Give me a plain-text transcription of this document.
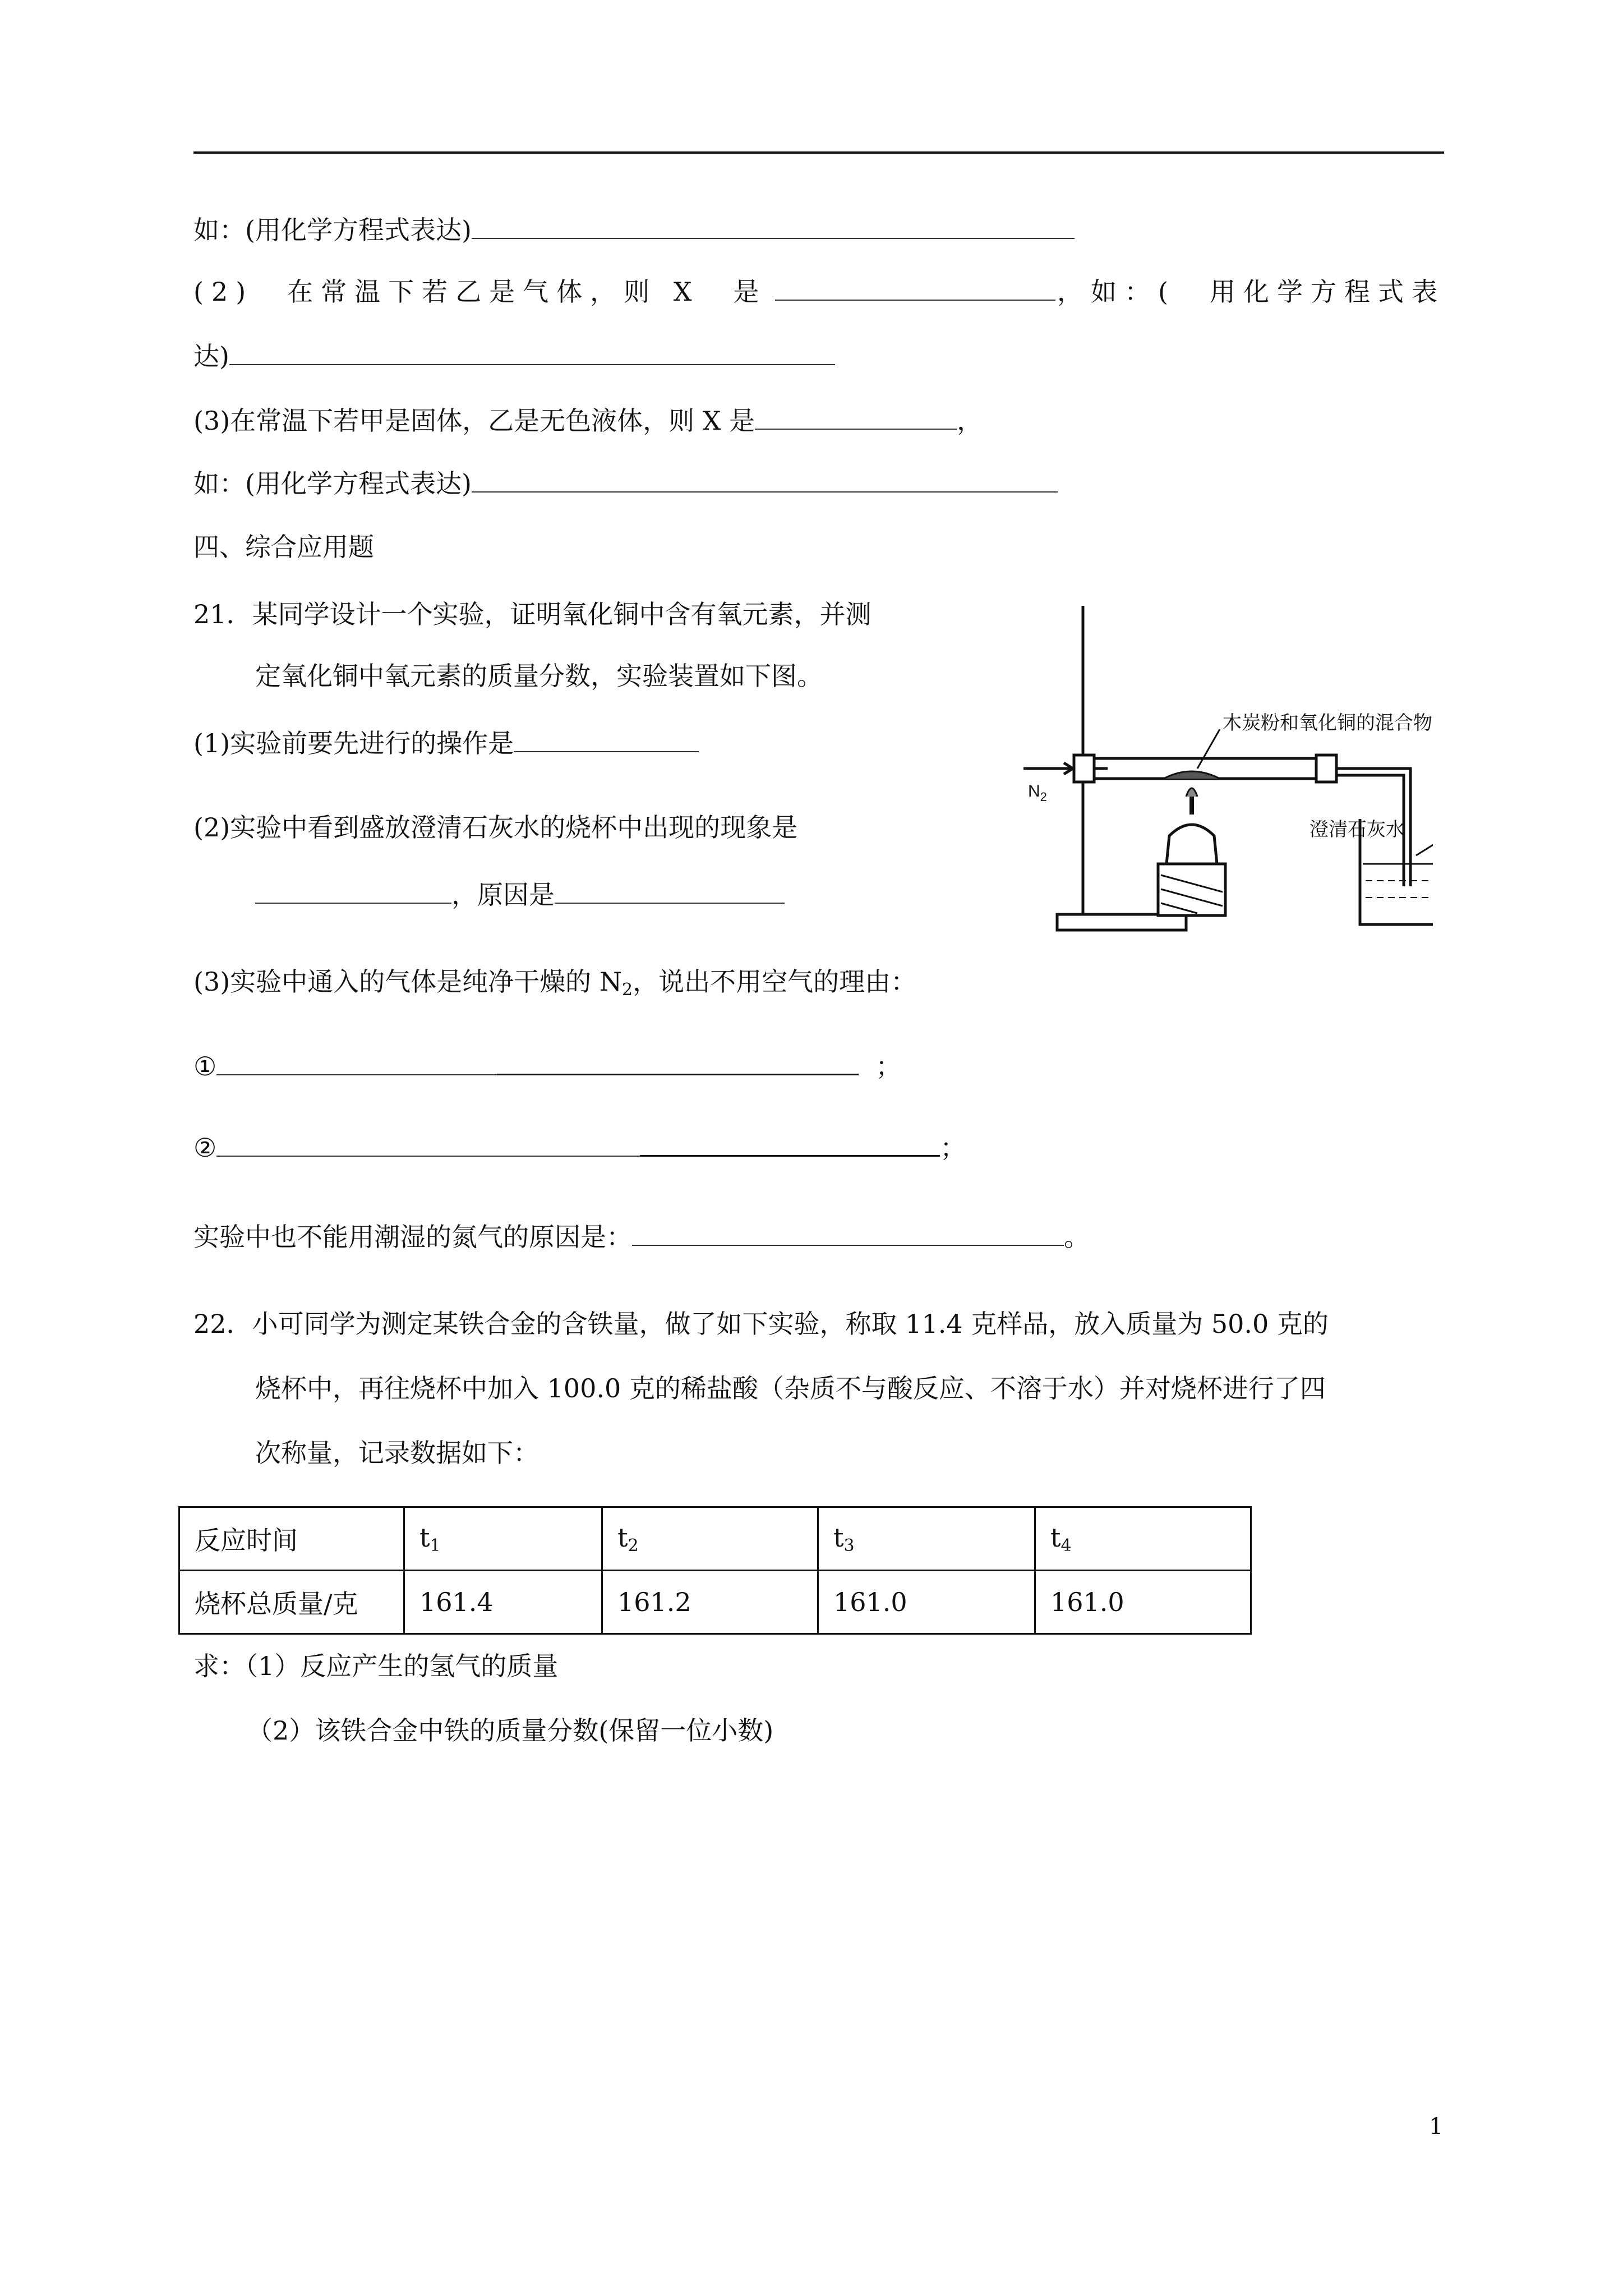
如：(用化学方程式表达)
(2)　在常温下若乙是气体，则 X　是	，如：(　用化学方程式表
达)
(3)在常温下若甲是固体，乙是无色液体，则 X 是	，
如：(用化学方程式表达)
四、综合应用题
21．某同学设计一个实验，证明氧化铜中含有氧元素，并测
定氧化铜中氧元素的质量分数，实验装置如下图。
(1)实验前要先进行的操作是
(2)实验中看到盛放澄清石灰水的烧杯中出现的现象是
，原因是
木炭粉和氧化铜的混合物
$N_2$
澄清石灰水
(3)实验中通入的气体是纯净干燥的 $N_2$，说出不用空气的理由：
①	；
②	；
实验中也不能用潮湿的氮气的原因是：	。
22．小可同学为测定某铁合金的含铁量，做了如下实验，称取 11.4 克样品，放入质量为 50.0 克的
烧杯中，再往烧杯中加入 100.0 克的稀盐酸（杂质不与酸反应、不溶于水）并对烧杯进行了四
次称量，记录数据如下：
反应时间	$t_1$	$t_2$	$t_3$	$t_4$
烧杯总质量/克	161.4	161.2	161.0	161.0
求：（1）反应产生的氢气的质量
（2）该铁合金中铁的质量分数(保留一位小数)
1
